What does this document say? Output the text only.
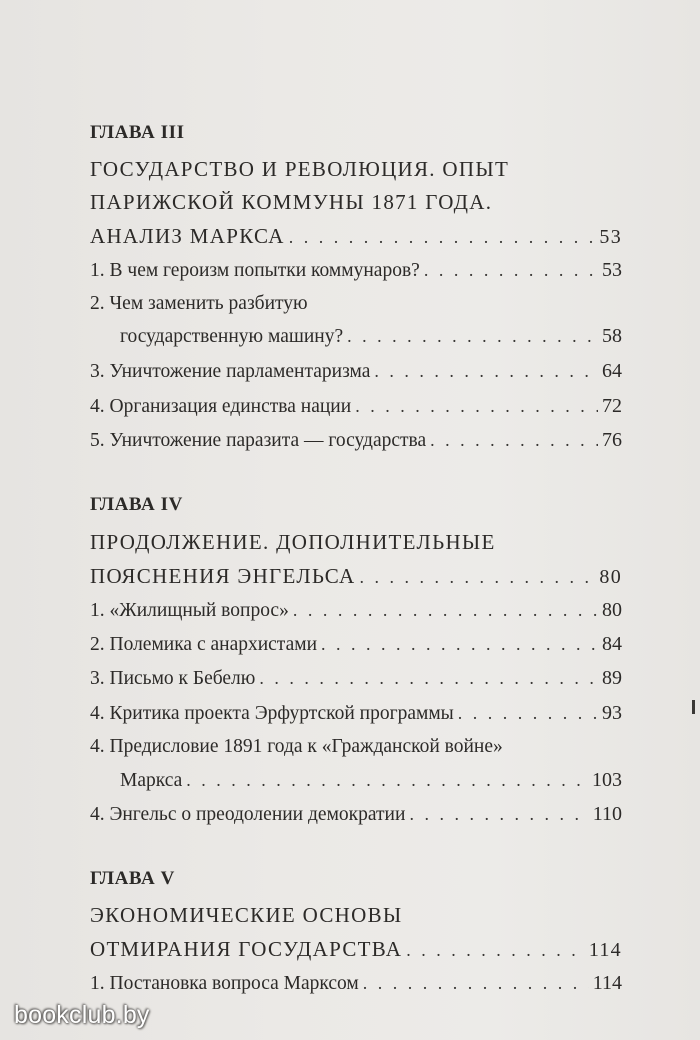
ГЛАВА III
ГОСУДАРСТВО И РЕВОЛЮЦИЯ. ОПЫТ
ПАРИЖСКОЙ КОММУНЫ 1871 ГОДА.
АНАЛИЗ МАРКСА . . .	53
1. В чем героизм попытки коммунаров? . . .	53
2. Чем заменить разбитую
государственную машину? . . .	58
3. Уничтожение парламентаризма . . .	64
4. Организация единства нации . . .	72
5. Уничтожение паразита — государства . . .	76
ГЛАВА IV
ПРОДОЛЖЕНИЕ. ДОПОЛНИТЕЛЬНЫЕ
ПОЯСНЕНИЯ ЭНГЕЛЬСА . . .	80
1. «Жилищный вопрос» . . .	80
2. Полемика с анархистами . . .	84
3. Письмо к Бебелю . . .	89
4. Критика проекта Эрфуртской программы . . .	93
4. Предисловие 1891 года к «Гражданской войне»
Маркса . . .	103
4. Энгельс о преодолении демократии . . .	110
ГЛАВА V
ЭКОНОМИЧЕСКИЕ ОСНОВЫ
ОТМИРАНИЯ ГОСУДАРСТВА . . .	114
1. Постановка вопроса Марксом . . .	114
bookclub.by
